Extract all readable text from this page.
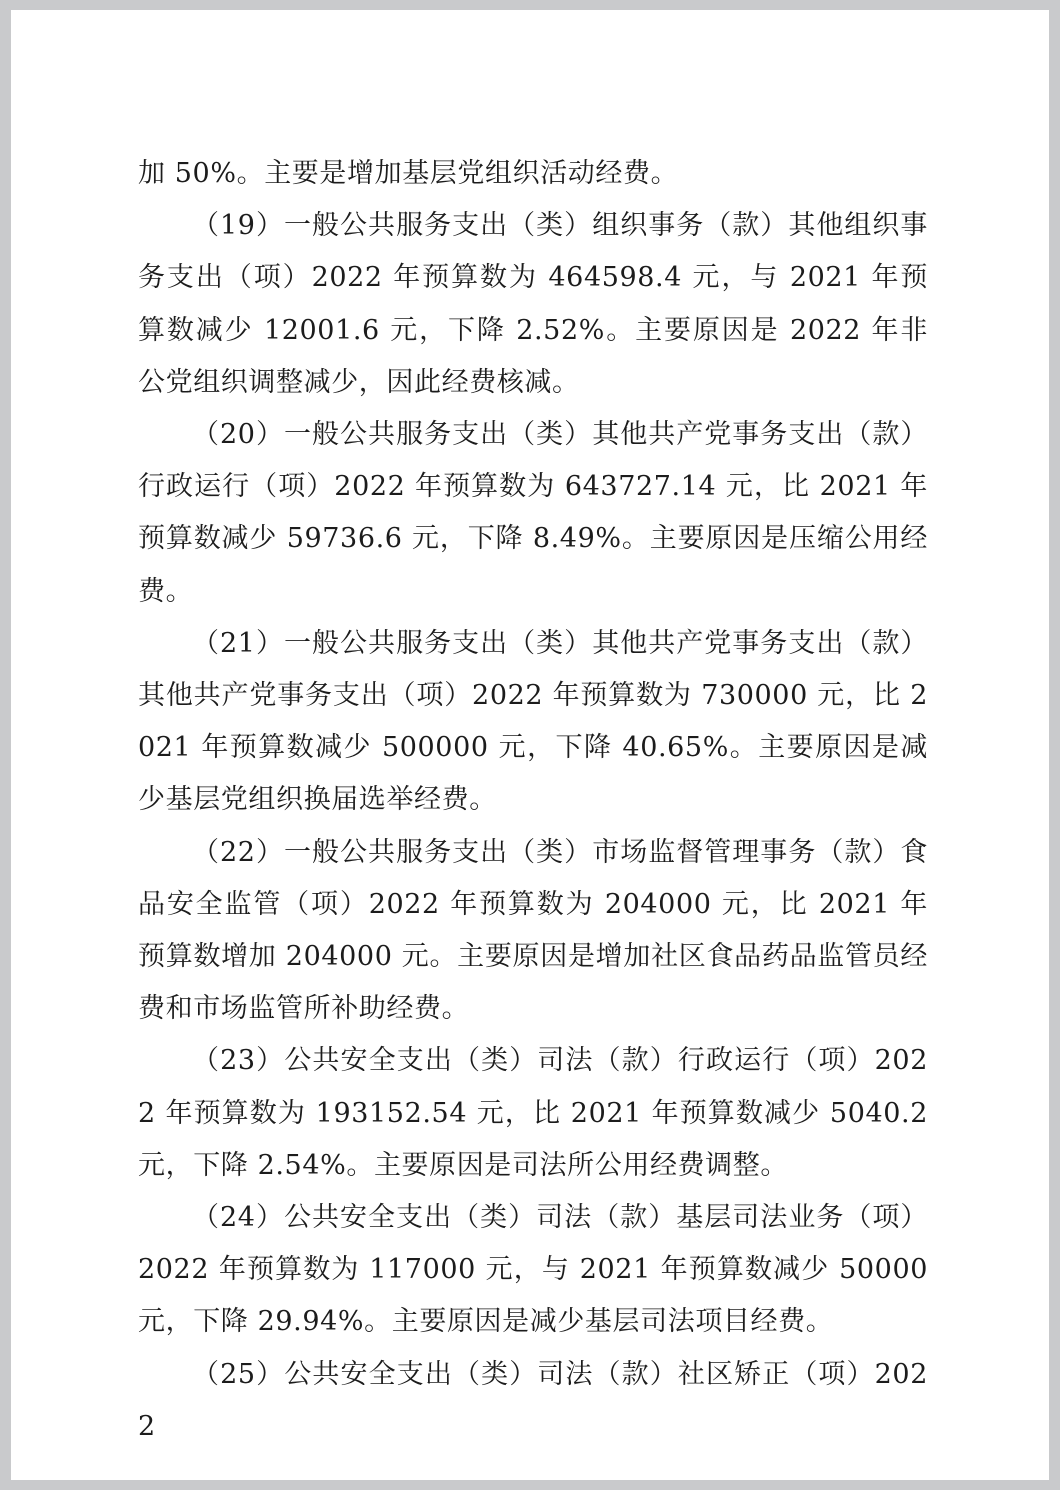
加 50%。主要是增加基层党组织活动经费。

（19）一般公共服务支出（类）组织事务（款）其他组织事务支出（项）2022 年预算数为 464598.4 元，与 2021 年预算数减少 12001.6 元，下降 2.52%。主要原因是 2022 年非公党组织调整减少，因此经费核减。

（20）一般公共服务支出（类）其他共产党事务支出（款）行政运行（项）2022 年预算数为 643727.14 元，比 2021 年预算数减少 59736.6 元，下降 8.49%。主要原因是压缩公用经费。

（21）一般公共服务支出（类）其他共产党事务支出（款）其他共产党事务支出（项）2022 年预算数为 730000 元，比 2021 年预算数减少 500000 元，下降 40.65%。主要原因是减少基层党组织换届选举经费。

（22）一般公共服务支出（类）市场监督管理事务（款）食品安全监管（项）2022 年预算数为 204000 元，比 2021 年预算数增加 204000 元。主要原因是增加社区食品药品监管员经费和市场监管所补助经费。

（23）公共安全支出（类）司法（款）行政运行（项）2022 年预算数为 193152.54 元，比 2021 年预算数减少 5040.2 元，下降 2.54%。主要原因是司法所公用经费调整。

（24）公共安全支出（类）司法（款）基层司法业务（项）2022 年预算数为 117000 元，与 2021 年预算数减少 50000 元，下降 29.94%。主要原因是减少基层司法项目经费。

（25）公共安全支出（类）司法（款）社区矫正（项）2022
